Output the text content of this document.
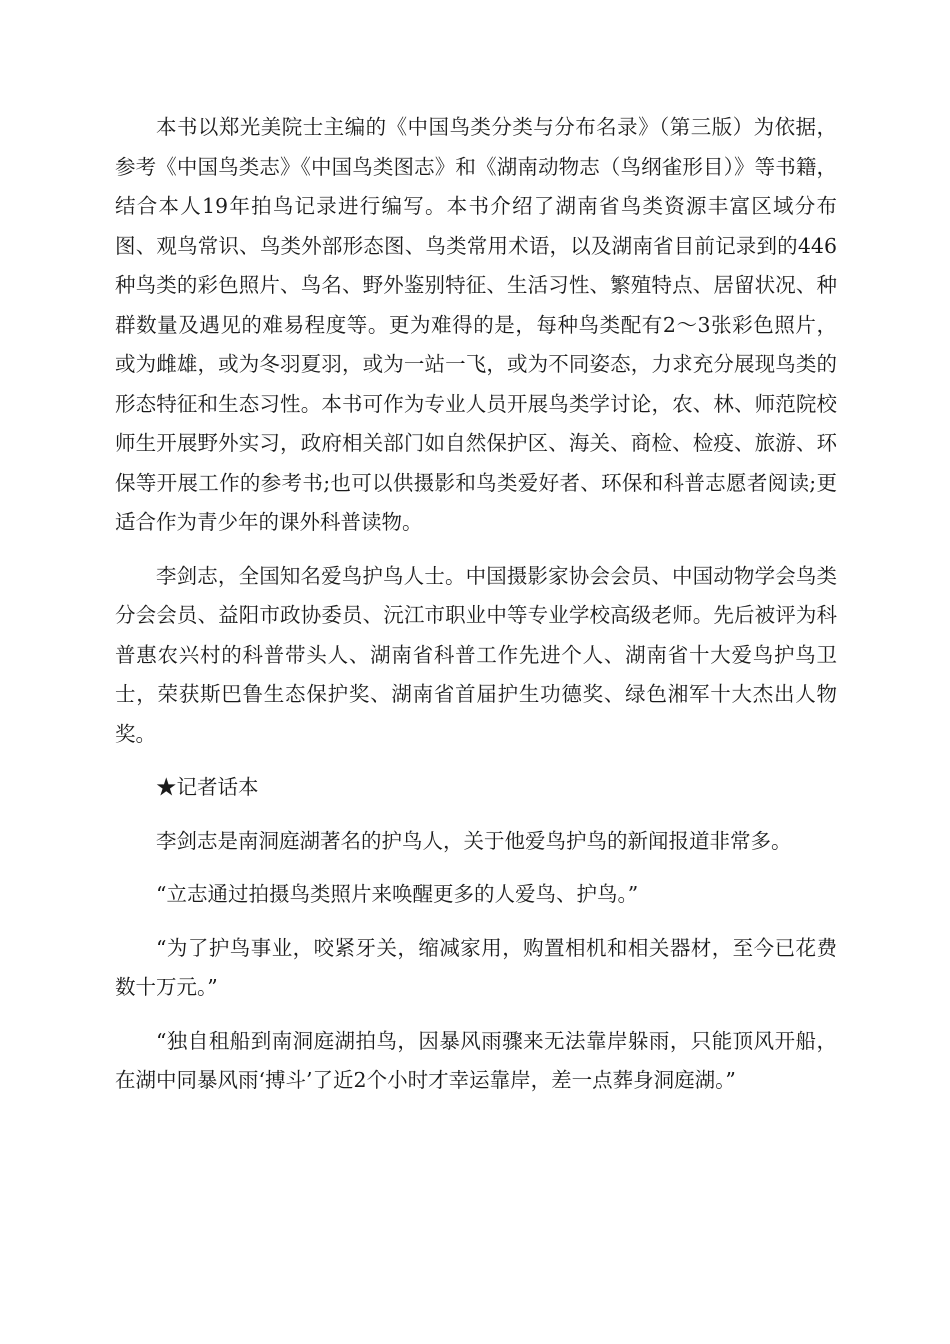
本书以郑光美院士主编的《中国鸟类分类与分布名录》（第三版）为依据，参考《中国鸟类志》《中国鸟类图志》和《湖南动物志（鸟纲雀形目）》等书籍，结合本人19年拍鸟记录进行编写。本书介绍了湖南省鸟类资源丰富区域分布图、观鸟常识、鸟类外部形态图、鸟类常用术语，以及湖南省目前记录到的446种鸟类的彩色照片、鸟名、野外鉴别特征、生活习性、繁殖特点、居留状况、种群数量及遇见的难易程度等。更为难得的是，每种鸟类配有2～3张彩色照片，或为雌雄，或为冬羽夏羽，或为一站一飞，或为不同姿态，力求充分展现鸟类的形态特征和生态习性。本书可作为专业人员开展鸟类学讨论，农、林、师范院校师生开展野外实习，政府相关部门如自然保护区、海关、商检、检疫、旅游、环保等开展工作的参考书;也可以供摄影和鸟类爱好者、环保和科普志愿者阅读;更适合作为青少年的课外科普读物。

李剑志，全国知名爱鸟护鸟人士。中国摄影家协会会员、中国动物学会鸟类分会会员、益阳市政协委员、沅江市职业中等专业学校高级老师。先后被评为科普惠农兴村的科普带头人、湖南省科普工作先进个人、湖南省十大爱鸟护鸟卫士，荣获斯巴鲁生态保护奖、湖南省首届护生功德奖、绿色湘军十大杰出人物奖。

★记者话本

李剑志是南洞庭湖著名的护鸟人，关于他爱鸟护鸟的新闻报道非常多。

“立志通过拍摄鸟类照片来唤醒更多的人爱鸟、护鸟。”

“为了护鸟事业，咬紧牙关，缩减家用，购置相机和相关器材，至今已花费数十万元。”

“独自租船到南洞庭湖拍鸟，因暴风雨骤来无法靠岸躲雨，只能顶风开船，在湖中同暴风雨‘搏斗’了近2个小时才幸运靠岸，差一点葬身洞庭湖。”
